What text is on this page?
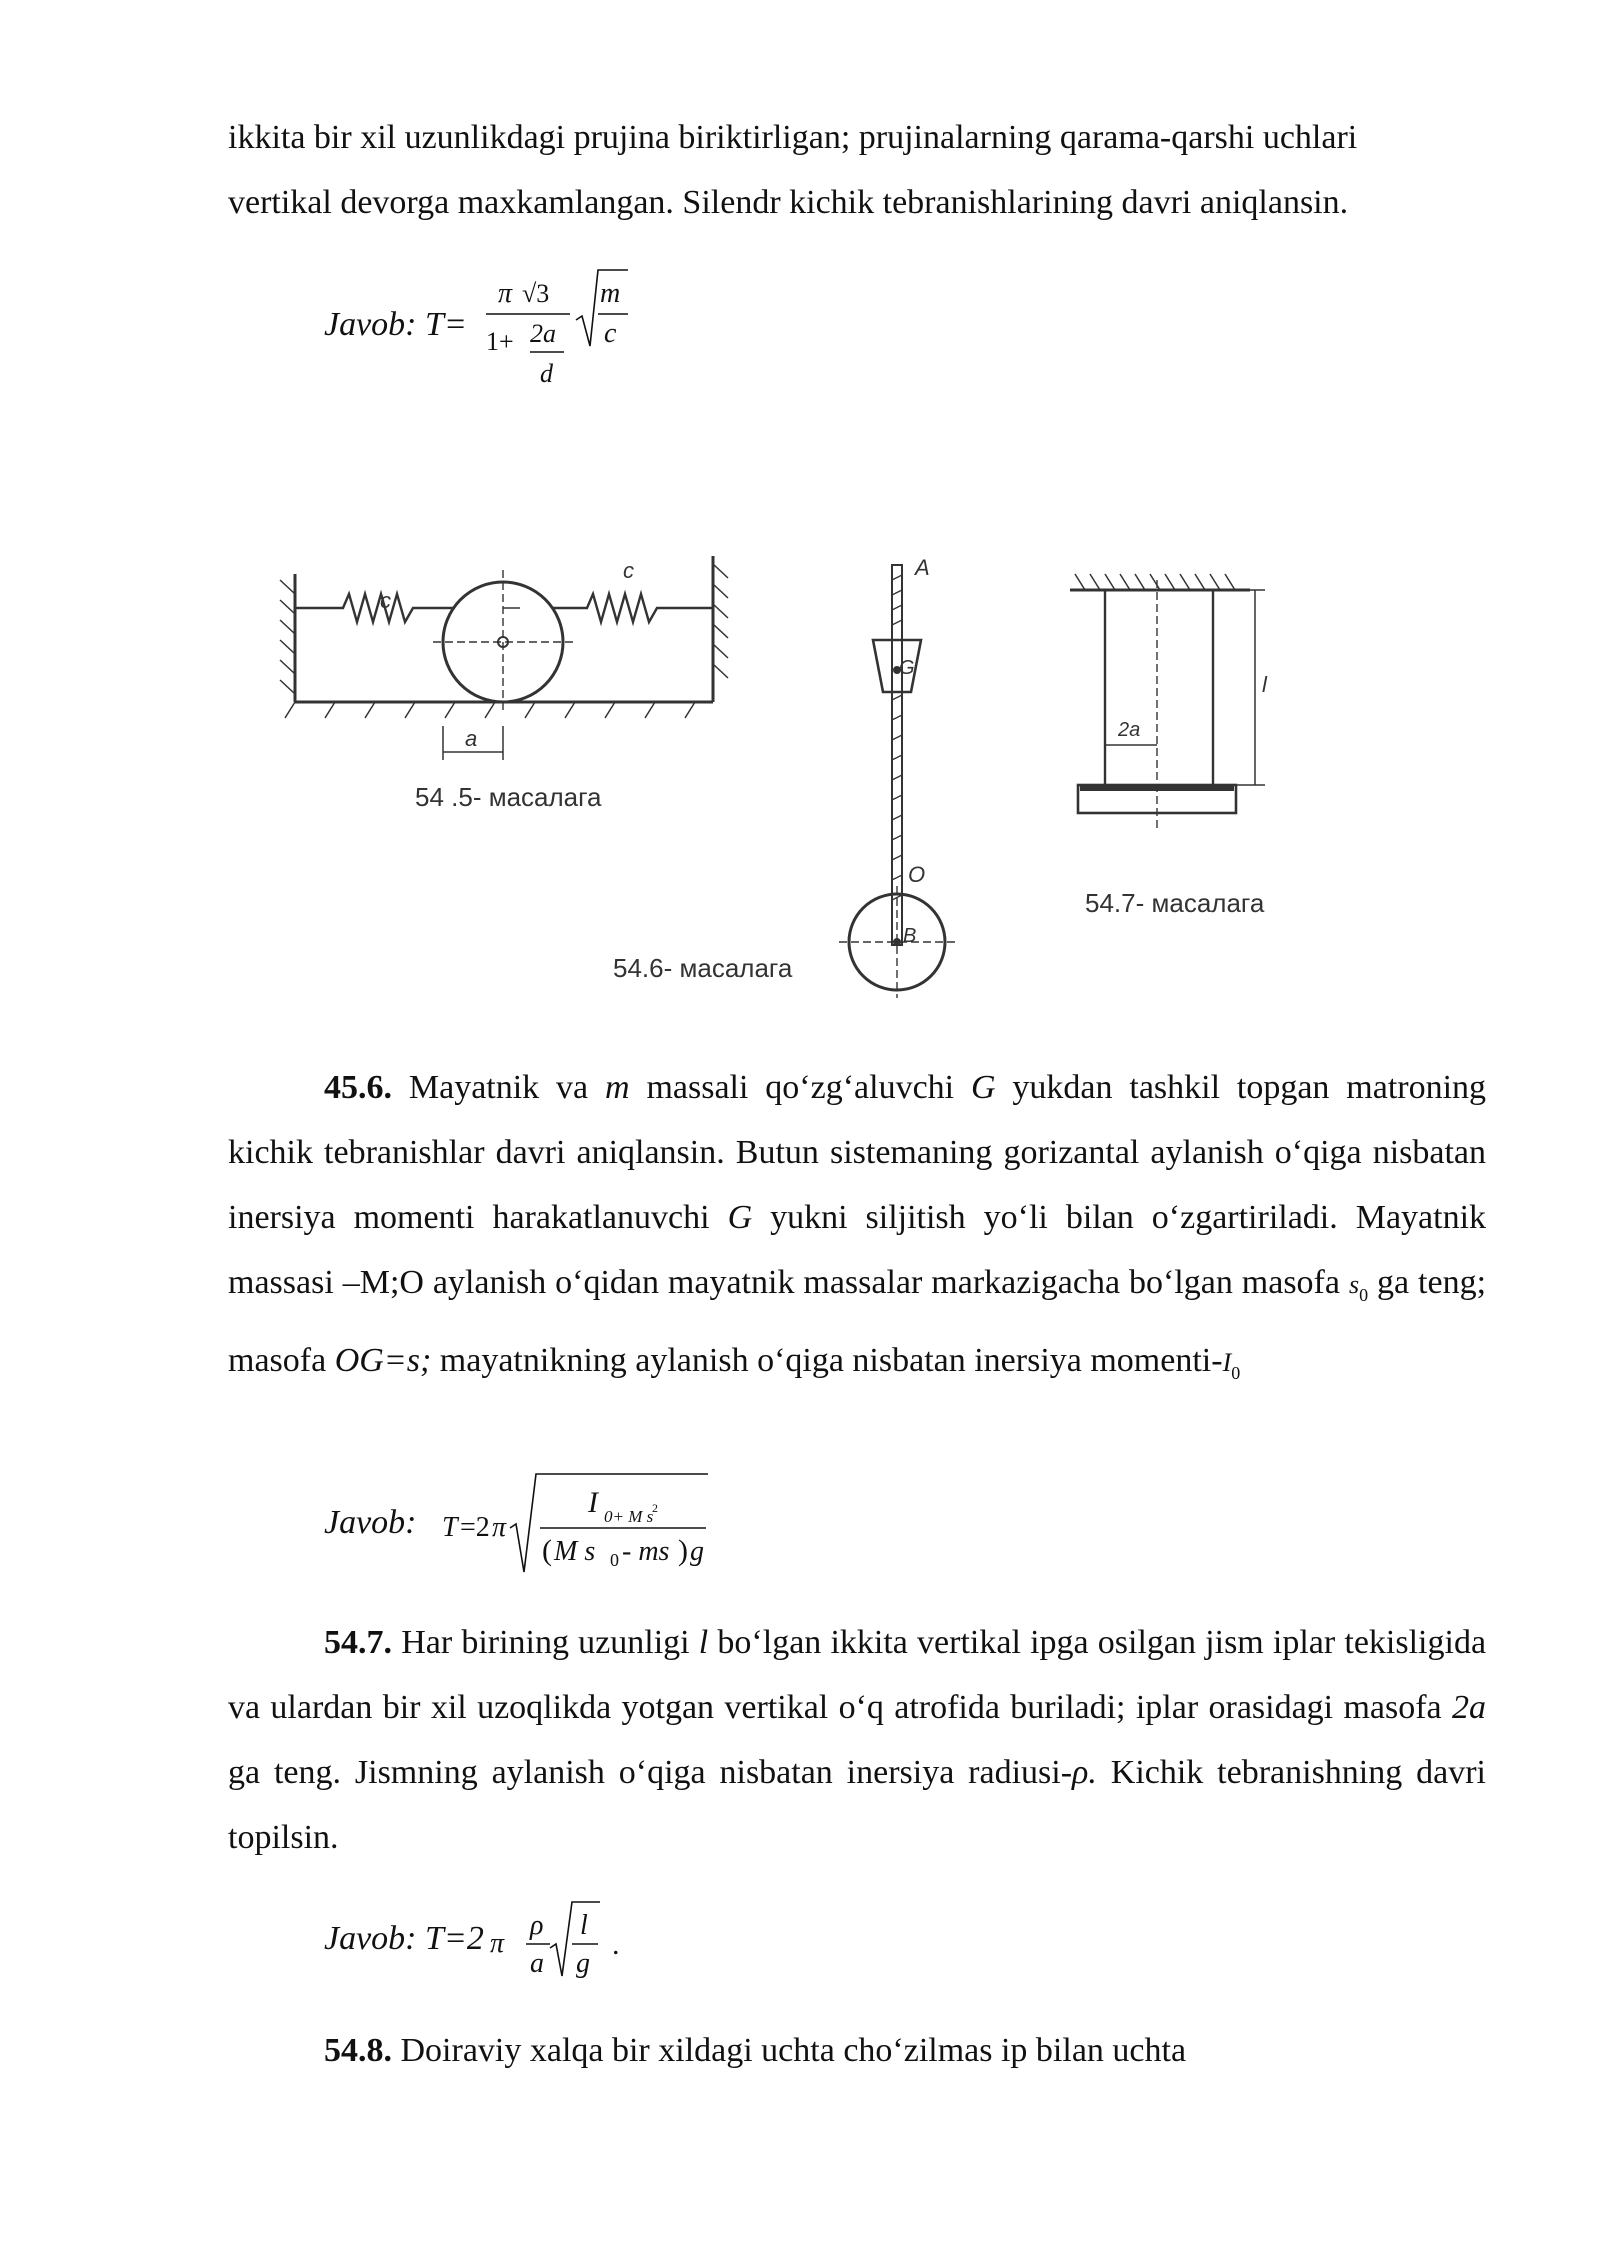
ikkita bir xil uzunlikdagi prujina biriktirligan; prujinalarning qarama-qarshi uchlari
vertikal devorga maxkamlangan. Silendr kichik tebranishlarining davri aniqlansin.
Javob: T=
π √3
1+ 2a
d
m
c
c
c
a
54 .5- масалага
A
G
O
B
54.6- масалага
2a
l
54.7- масалага
45.6. Mayatnik va m massali qo‘zg‘aluvchi G yukdan tashkil topgan matroning kichik tebranishlar davri aniqlansin. Butun sistemaning gorizantal aylanish o‘qiga nisbatan inersiya momenti harakatlanuvchi G yukni siljitish yo‘li bilan o‘zgartiriladi. Mayatnik massasi –M;O aylanish o‘qidan mayatnik massalar markazigacha bo‘lgan masofa $s_0$ ga teng; masofa OG=s; mayatnikning aylanish o‘qiga nisbatan inersiya momenti-$I_0$
Javob: T =2 π
I 0+ M s
2
( M s 0 - ms ) g
54.7. Har birining uzunligi l bo‘lgan ikkita vertikal ipga osilgan jism iplar tekisligida va ulardan bir xil uzoqlikda yotgan vertikal o‘q atrofida buriladi; iplar orasidagi masofa 2a ga teng. Jismning aylanish o‘qiga nisbatan inersiya radiusi-ρ. Kichik tebranishning davri topilsin.
Javob: T=2 π
ρ
a
l
g
.
54.8. Doiraviy xalqa bir xildagi uchta cho‘zilmas ip bilan uchta
